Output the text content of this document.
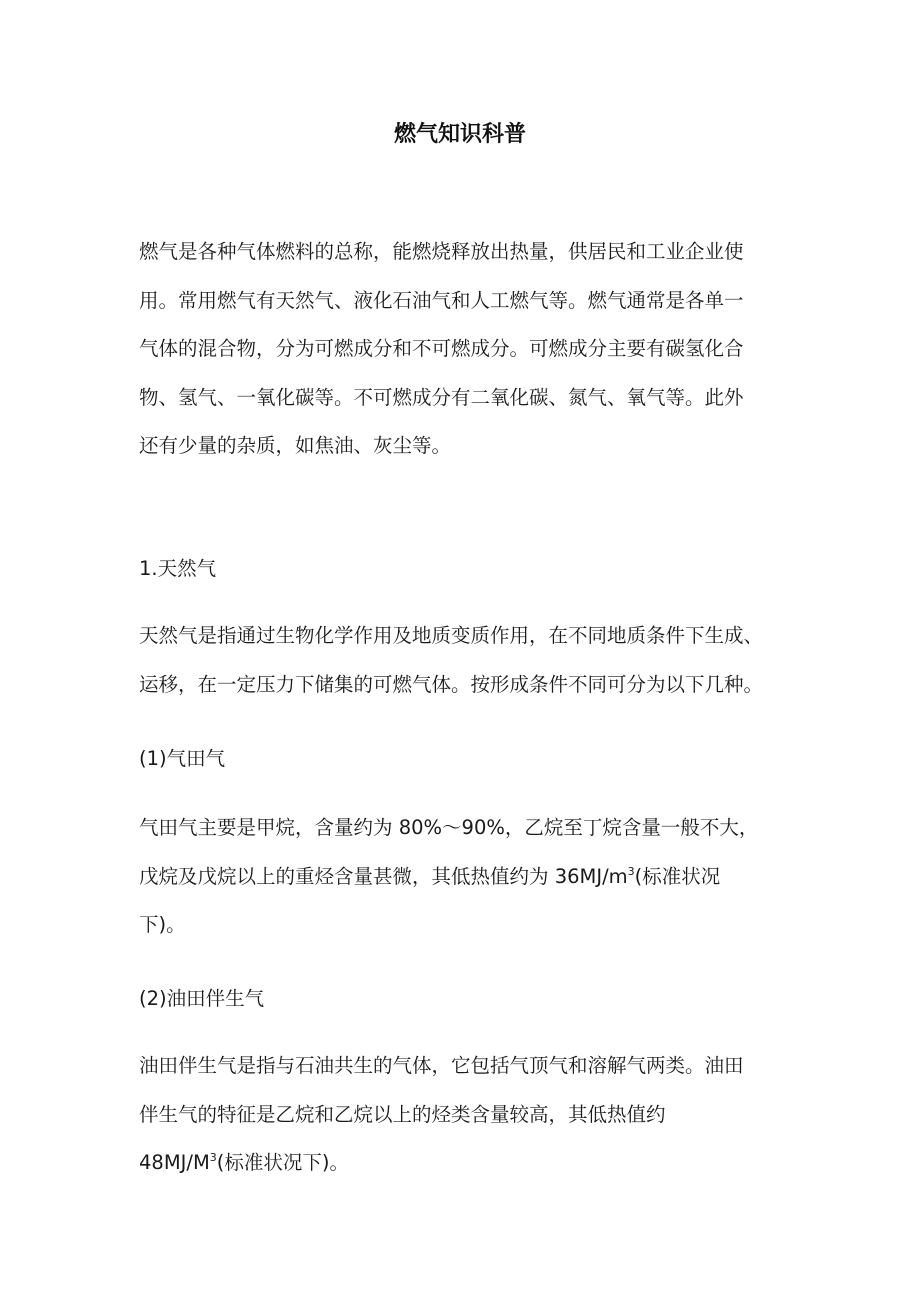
燃气知识科普

燃气是各种气体燃料的总称，能燃烧释放出热量，供居民和工业企业使
用。常用燃气有天然气、液化石油气和人工燃气等。燃气通常是各单一
气体的混合物，分为可燃成分和不可燃成分。可燃成分主要有碳氢化合
物、氢气、一氧化碳等。不可燃成分有二氧化碳、氮气、氧气等。此外
还有少量的杂质，如焦油、灰尘等。

1.天然气

天然气是指通过生物化学作用及地质变质作用，在不同地质条件下生成、
运移，在一定压力下储集的可燃气体。按形成条件不同可分为以下几种。

(1)气田气

气田气主要是甲烷，含量约为 80%～90%，乙烷至丁烷含量一般不大，
戊烷及戊烷以上的重烃含量甚微，其低热值约为 $36MJ/m^3$(标准状况
下)。

(2)油田伴生气

油田伴生气是指与石油共生的气体，它包括气顶气和溶解气两类。油田
伴生气的特征是乙烷和乙烷以上的烃类含量较高，其低热值约
$48MJ/M^3$(标准状况下)。
